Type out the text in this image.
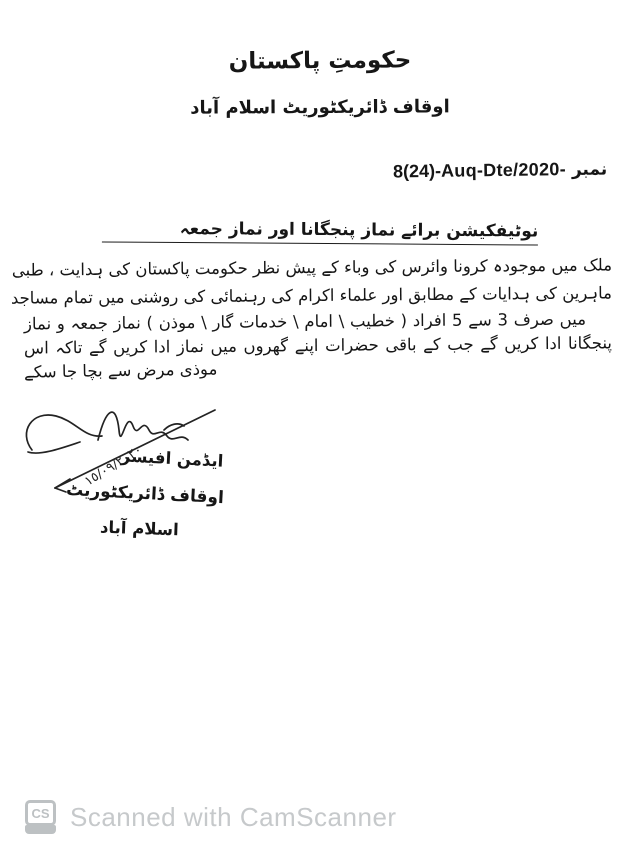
حکومتِ پاکستان
اوقاف ڈائریکٹوریٹ اسلام آباد
نمبر 8(24)-Auq-Dte/2020-
نوٹیفکیشن برائے نماز پنجگانا اور نماز جمعہ
ملک میں موجودہ کرونا وائرس کی وباء کے پیش نظر حکومت پاکستان کی ہدایت ، طبی
ماہرین کی ہدایات کے مطابق اور علماء اکرام کی رہنمائی کی روشنی میں تمام مساجد
میں صرف 3 سے 5 افراد ( خطیب \ امام \ خدمات گار \ موذن ) نماز جمعہ و نماز
پنجگانا ادا کریں گے جب کے باقی حضرات اپنے گھروں میں نماز ادا کریں گے تاکہ اس
موذی مرض سے بچا جا سکے
١٥/٠٩/٢٠٢٠
ایڈمن افیسر
اوقاف ڈائریکٹوریٹ
اسلام آباد
CS Scanned with CamScanner
